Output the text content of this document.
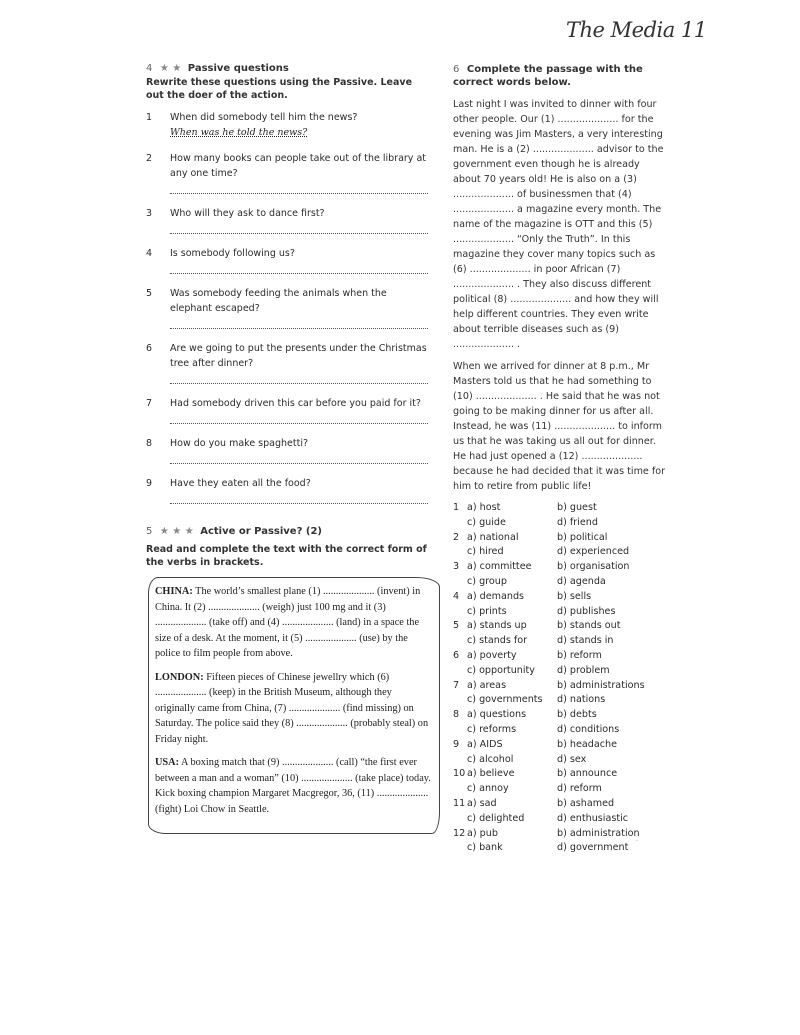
The Media 11
4 ★ ★ Passive questions
Rewrite these questions using the Passive. Leave out the doer of the action.
1 When did somebody tell him the news?
When was he told the news?
2 How many books can people take out of the library at any one time?
3 Who will they ask to dance first?
4 Is somebody following us?
5 Was somebody feeding the animals when the elephant escaped?
6 Are we going to put the presents under the Christmas tree after dinner?
7 Had somebody driven this car before you paid for it?
8 How do you make spaghetti?
9 Have they eaten all the food?
5 ★ ★ ★ Active or Passive? (2)
Read and complete the text with the correct form of the verbs in brackets.

CHINA: The world’s smallest plane (1) .................... (invent) in China. It (2) .................... (weigh) just 100 mg and it (3) .................... (take off) and (4) .................... (land) in a space the size of a desk. At the moment, it (5) .................... (use) by the police to film people from above.

LONDON: Fifteen pieces of Chinese jewellry which (6) .................... (keep) in the British Museum, although they originally came from China, (7) .................... (find missing) on Saturday. The police said they (8) .................... (probably steal) on Friday night.

USA: A boxing match that (9) .................... (call) “the first ever between a man and a woman” (10) .................... (take place) today. Kick boxing champion Margaret Macgregor, 36, (11) .................... (fight) Loi Chow in Seattle.

6 Complete the passage with the correct words below.

Last night I was invited to dinner with four other people. Our (1) .................... for the evening was Jim Masters, a very interesting man. He is a (2) .................... advisor to the government even though he is already about 70 years old! He is also on a (3) .................... of businessmen that (4) .................... a magazine every month. The name of the magazine is OTT and this (5) .................... “Only the Truth”. In this magazine they cover many topics such as (6) .................... in poor African (7) .................... . They also discuss different political (8) .................... and how they will help different countries. They even write about terrible diseases such as (9) .................... .

When we arrived for dinner at 8 p.m., Mr Masters told us that he had something to (10) .................... . He said that he was not going to be making dinner for us after all. Instead, he was (11) .................... to inform us that he was taking us all out for dinner. He had just opened a (12) .................... because he had decided that it was time for him to retire from public life!

1 a) host	b) guest
c) guide	d) friend
2 a) national	b) political
c) hired	d) experienced
3 a) committee	b) organisation
c) group	d) agenda
4 a) demands	b) sells
c) prints	d) publishes
5 a) stands up	b) stands out
c) stands for	d) stands in
6 a) poverty	b) reform
c) opportunity d) problem
7 a) areas	b) administrations
c) governments d) nations
8 a) questions	b) debts
c) reforms	d) conditions
9 a) AIDS	b) headache
c) alcohol	d) sex
10 a) believe	b) announce
c) annoy	d) reform
11 a) sad	b) ashamed
c) delighted	d) enthusiastic
12 a) pub	b) administration
c) bank	d) government
·
